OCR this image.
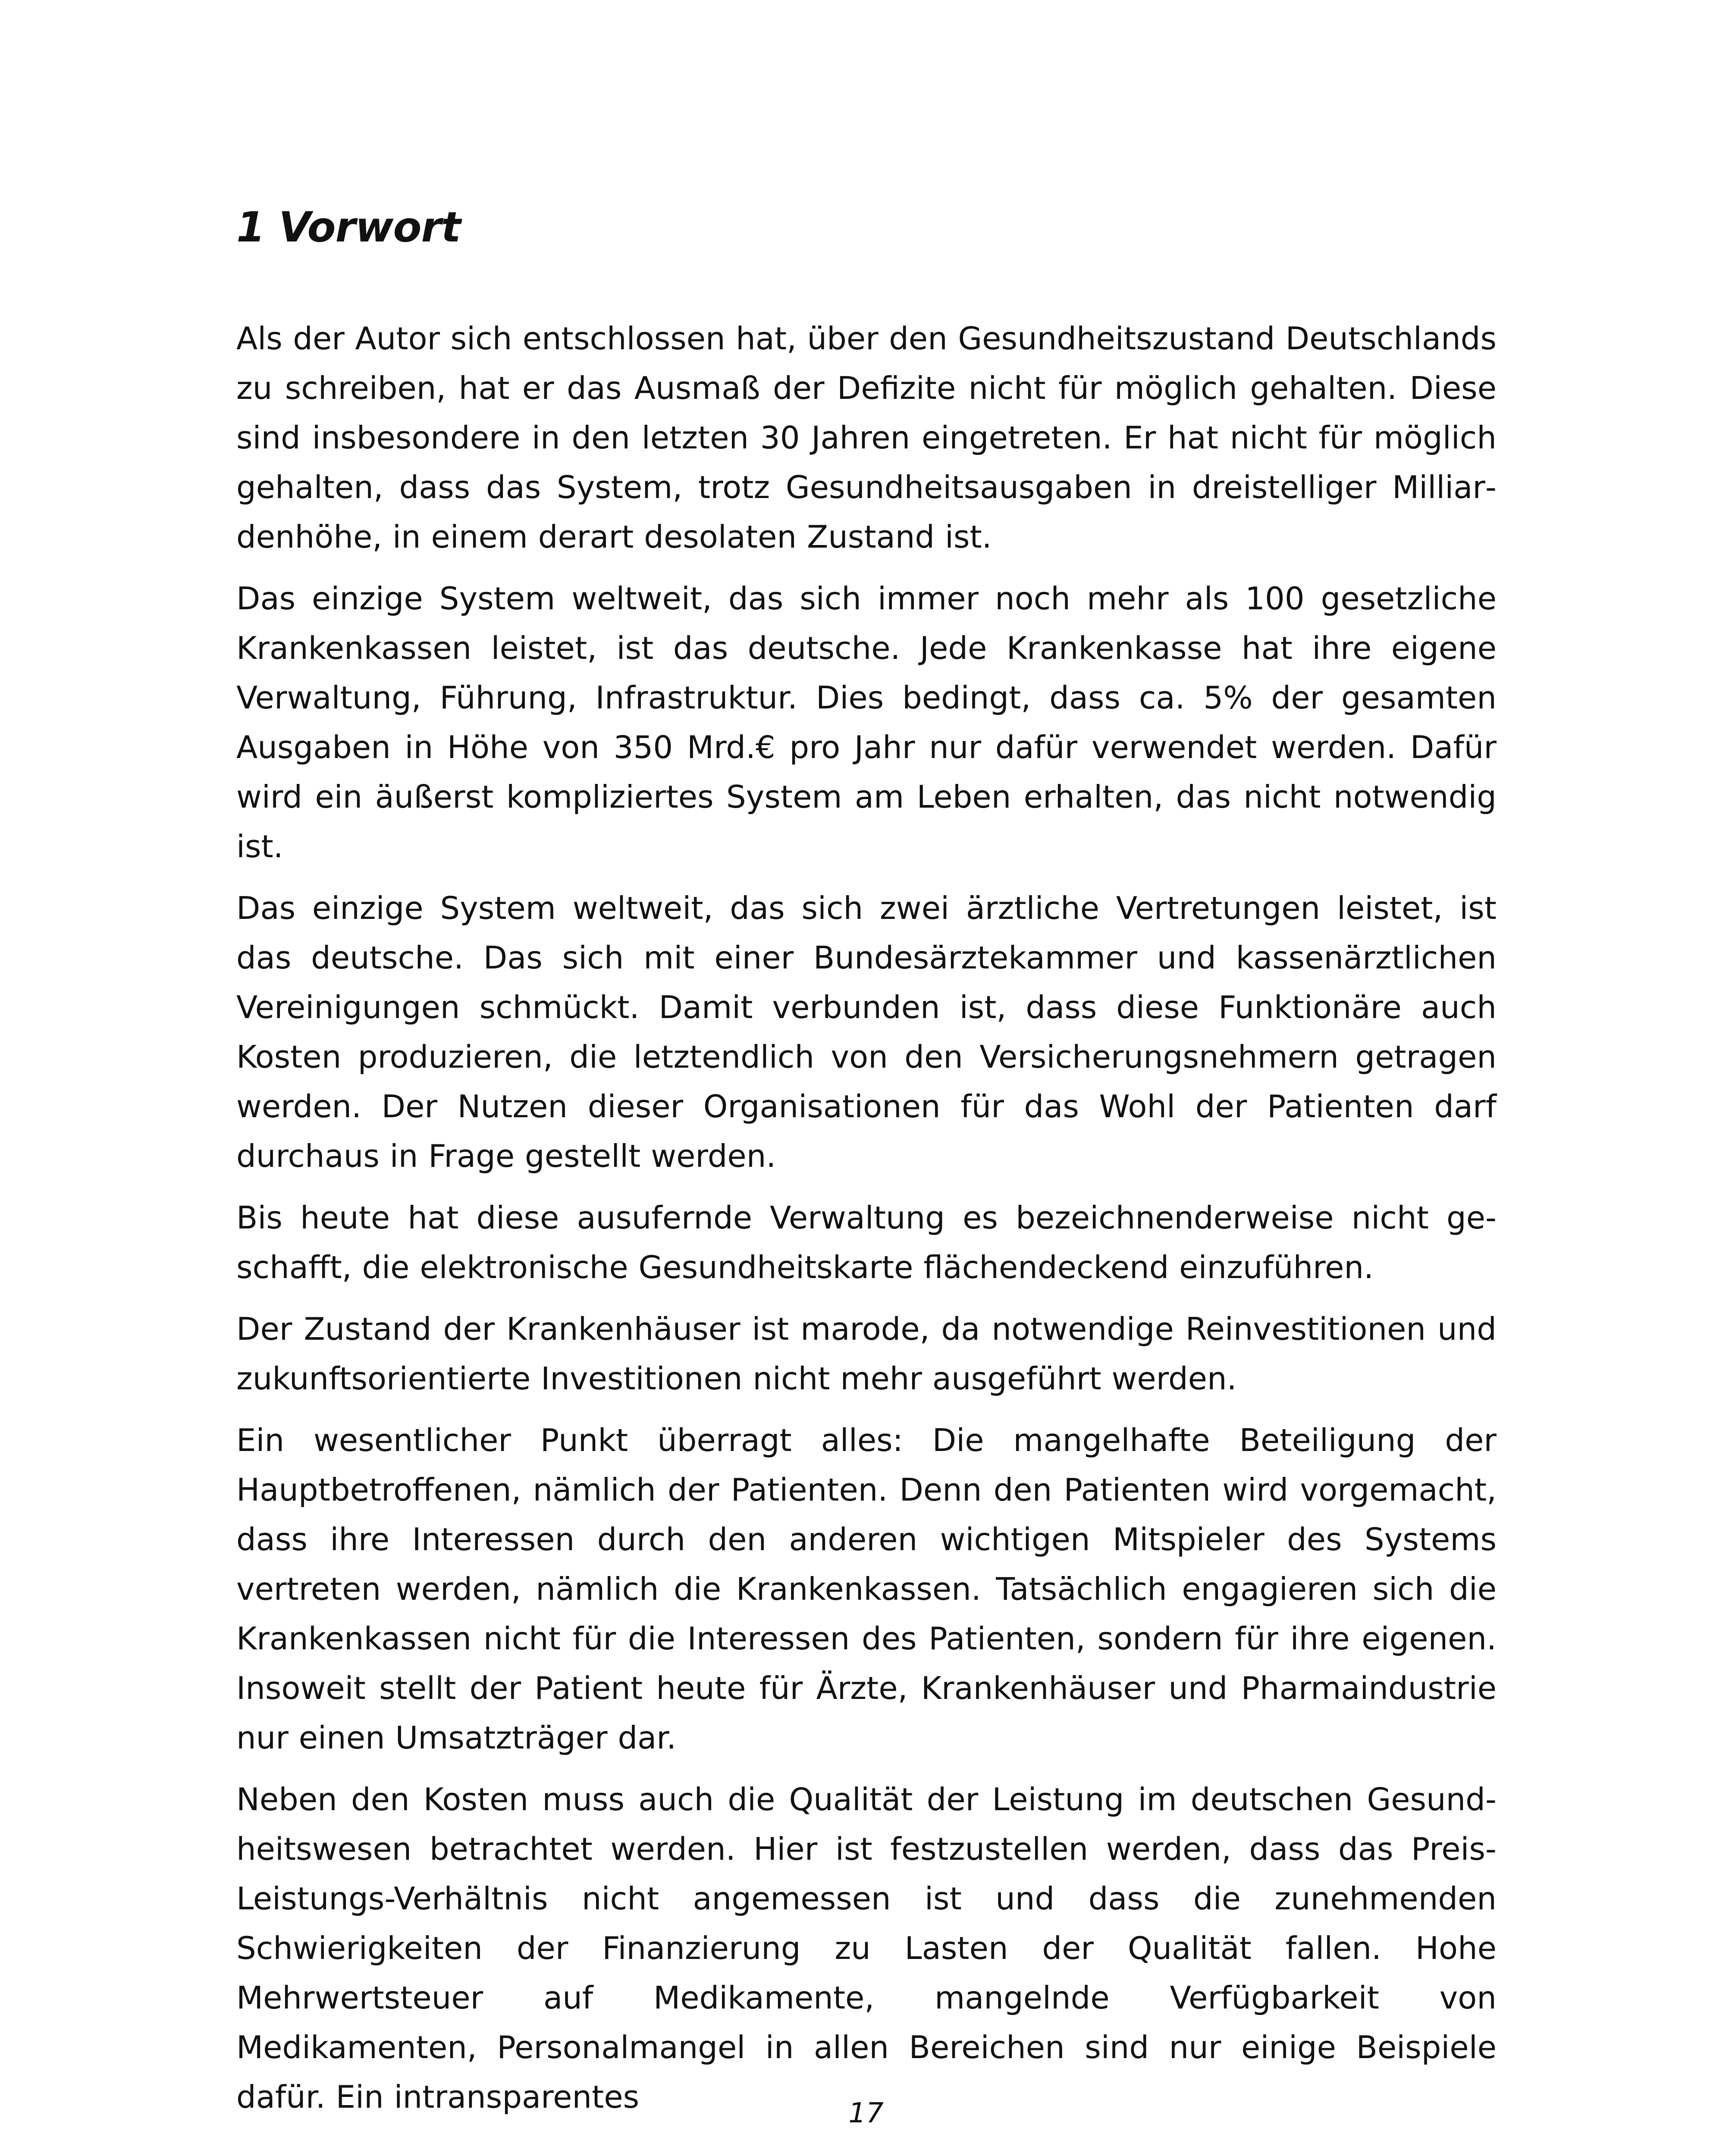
1 Vorwort

Als der Autor sich entschlossen hat, über den Gesundheitszustand Deutschlands zu schreiben, hat er das Ausmaß der Defizite nicht für möglich gehalten. Diese sind insbesondere in den letzten 30 Jahren eingetreten. Er hat nicht für möglich gehalten, dass das System, trotz Gesundheitsausgaben in dreistelliger Milliardenhöhe, in einem derart desolaten Zustand ist.

Das einzige System weltweit, das sich immer noch mehr als 100 gesetzliche Krankenkassen leistet, ist das deutsche. Jede Krankenkasse hat ihre eigene Verwaltung, Führung, Infrastruktur. Dies bedingt, dass ca. 5% der gesamten Ausgaben in Höhe von 350 Mrd.€ pro Jahr nur dafür verwendet werden. Dafür wird ein äußerst kompliziertes System am Leben erhalten, das nicht notwendig ist.

Das einzige System weltweit, das sich zwei ärztliche Vertretungen leistet, ist das deutsche. Das sich mit einer Bundesärztekammer und kassenärztlichen Vereinigungen schmückt. Damit verbunden ist, dass diese Funktionäre auch Kosten produzieren, die letztendlich von den Versicherungsnehmern getragen werden. Der Nutzen dieser Organisationen für das Wohl der Patienten darf durchaus in Frage gestellt werden.

Bis heute hat diese ausufernde Verwaltung es bezeichnenderweise nicht geschafft, die elektronische Gesundheitskarte flächendeckend einzuführen.

Der Zustand der Krankenhäuser ist marode, da notwendige Reinvestitionen und zukunftsorientierte Investitionen nicht mehr ausgeführt werden.

Ein wesentlicher Punkt überragt alles: Die mangelhafte Beteiligung der Hauptbetroffenen, nämlich der Patienten. Denn den Patienten wird vorgemacht, dass ihre Interessen durch den anderen wichtigen Mitspieler des Systems vertreten werden, nämlich die Krankenkassen. Tatsächlich engagieren sich die Krankenkassen nicht für die Interessen des Patienten, sondern für ihre eigenen. Insoweit stellt der Patient heute für Ärzte, Krankenhäuser und Pharmaindustrie nur einen Umsatzträger dar.

Neben den Kosten muss auch die Qualität der Leistung im deutschen Gesundheitswesen betrachtet werden. Hier ist festzustellen werden, dass das Preis-Leistungs-Verhältnis nicht angemessen ist und dass die zunehmenden Schwierigkeiten der Finanzierung zu Lasten der Qualität fallen. Hohe Mehrwertsteuer auf Medikamente, mangelnde Verfügbarkeit von Medikamenten, Personalmangel in allen Bereichen sind nur einige Beispiele dafür. Ein intransparentes	17
